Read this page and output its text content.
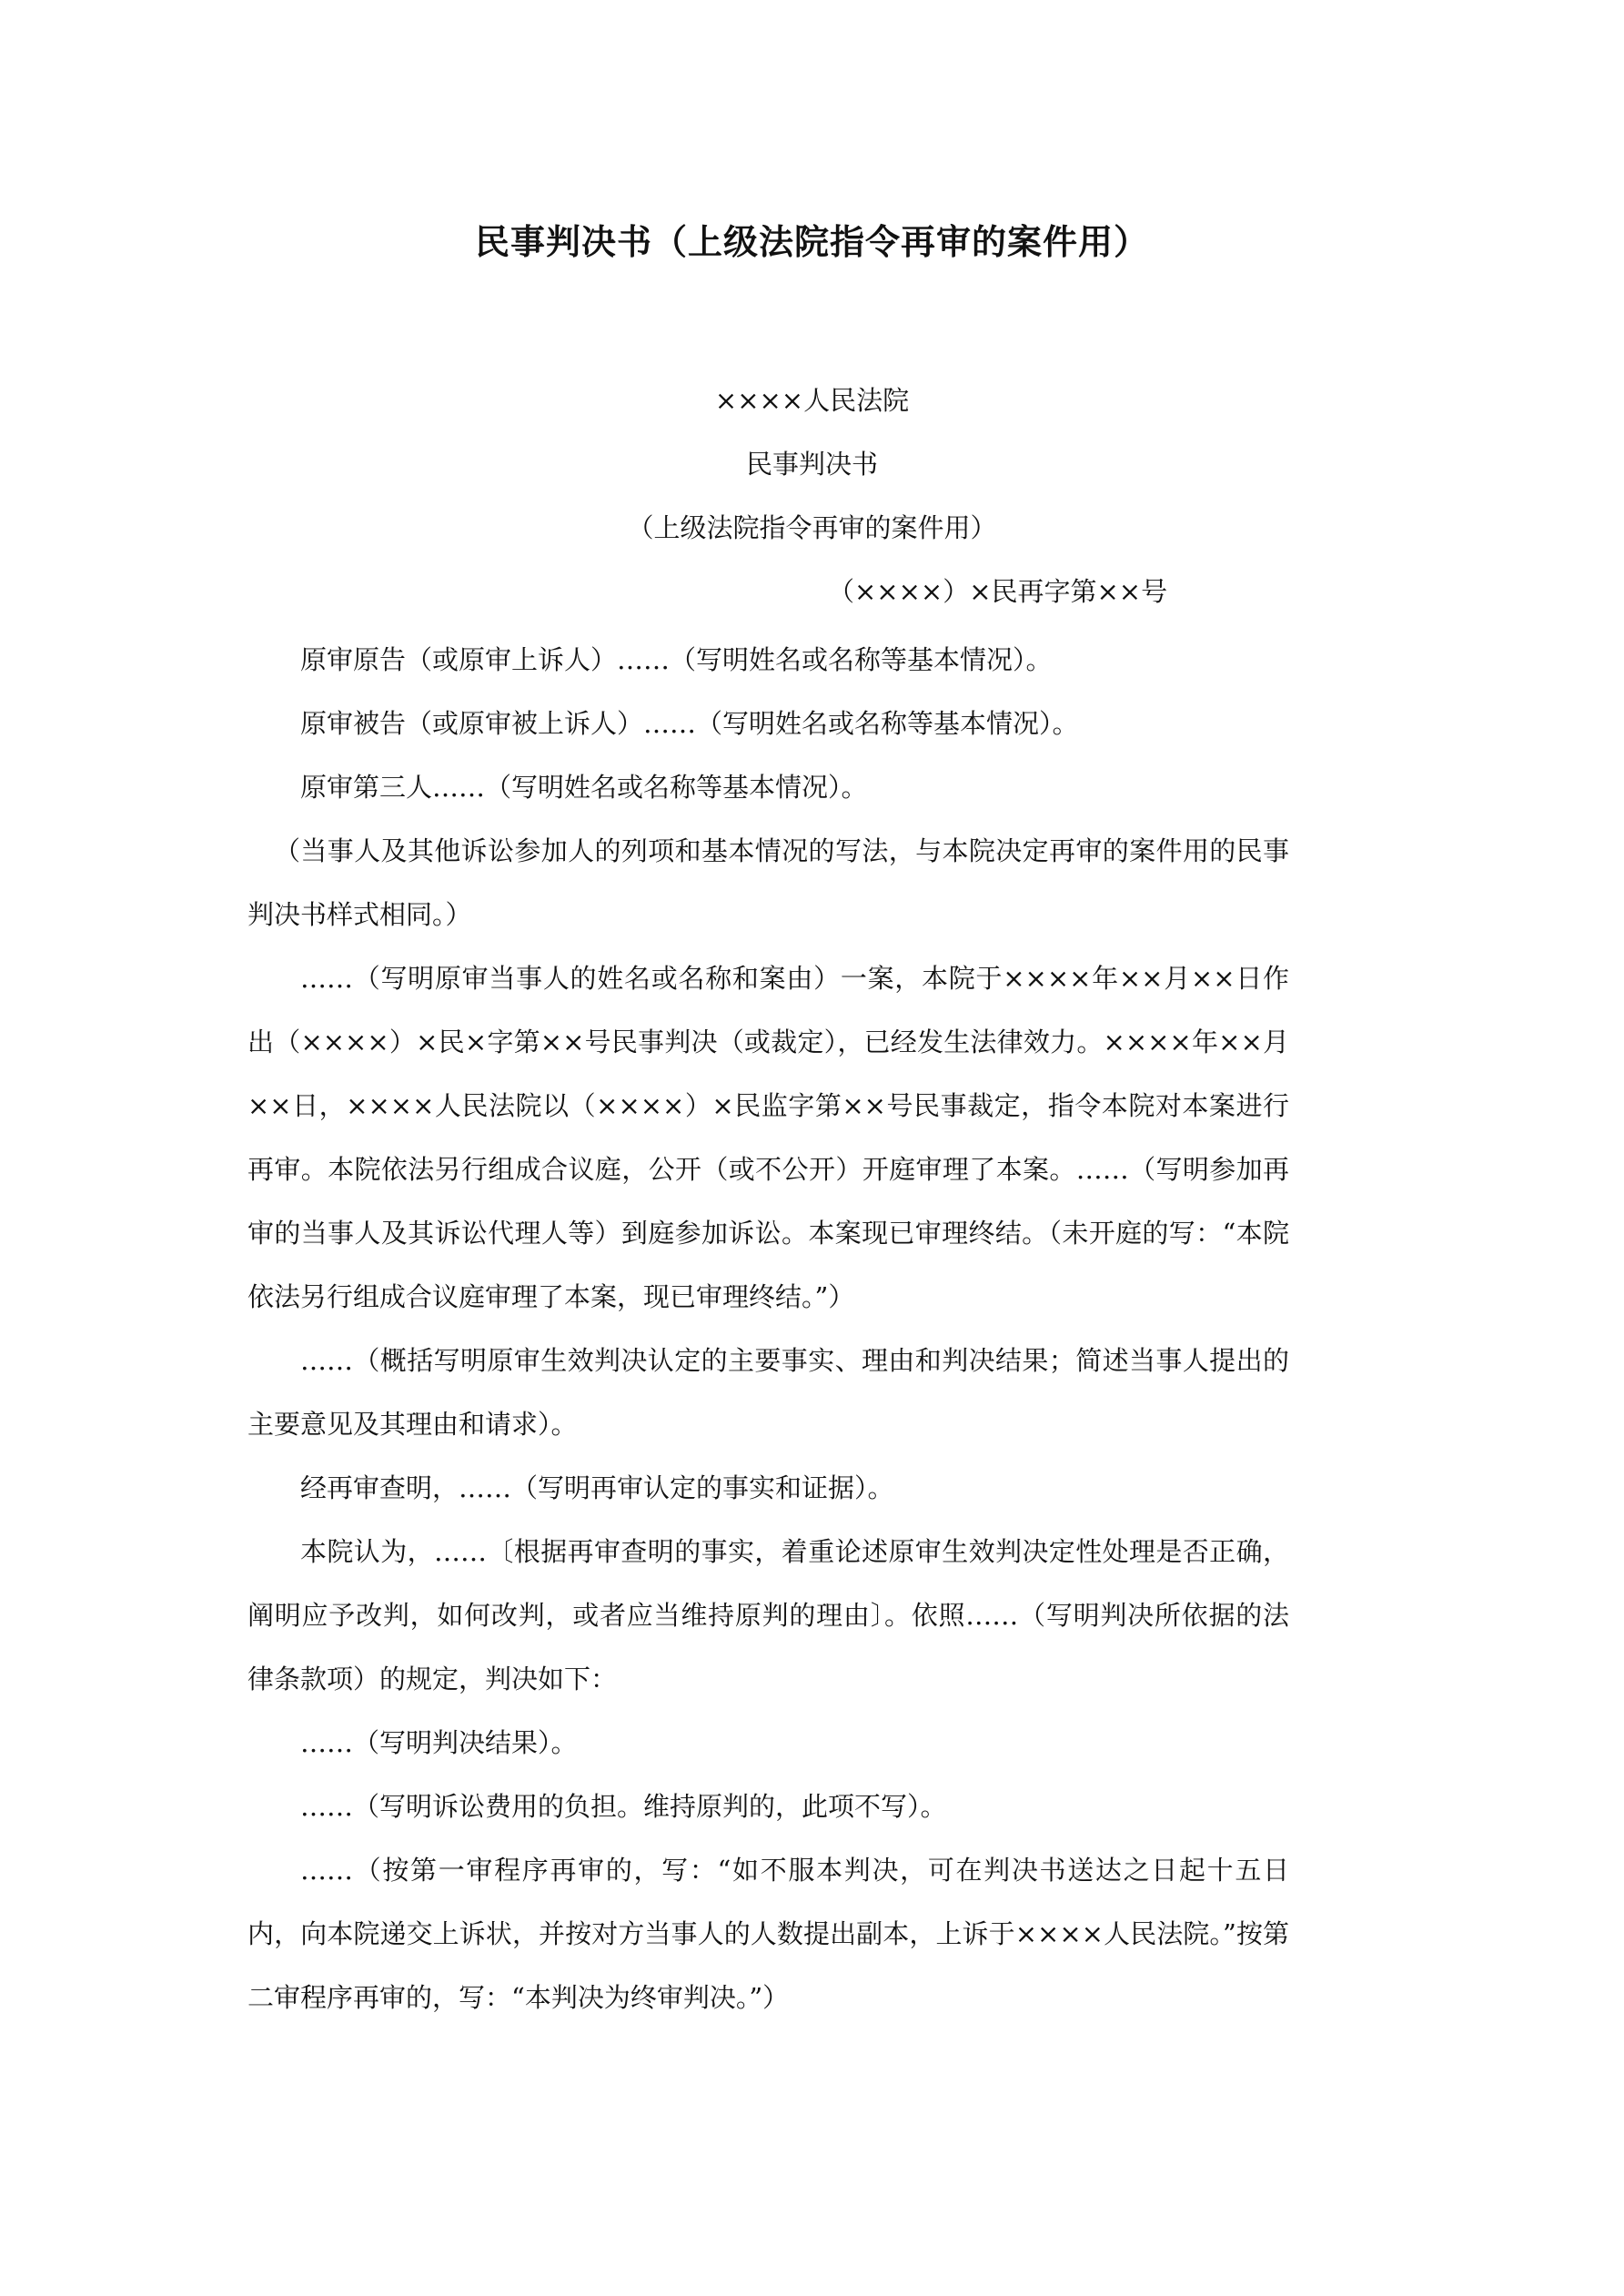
民事判决书（上级法院指令再审的案件用）

××××人民法院

民事判决书

（上级法院指令再审的案件用）

（××××）×民再字第××号

原审原告（或原审上诉人）……（写明姓名或名称等基本情况）。

原审被告（或原审被上诉人）……（写明姓名或名称等基本情况）。

原审第三人……（写明姓名或名称等基本情况）。

（当事人及其他诉讼参加人的列项和基本情况的写法，与本院决定再审的案件用的民事判决书样式相同。）

……（写明原审当事人的姓名或名称和案由）一案，本院于××××年××月××日作出（××××）×民×字第××号民事判决（或裁定），已经发生法律效力。××××年××月××日，××××人民法院以（××××）×民监字第××号民事裁定，指令本院对本案进行再审。本院依法另行组成合议庭，公开（或不公开）开庭审理了本案。……（写明参加再审的当事人及其诉讼代理人等）到庭参加诉讼。本案现已审理终结。（未开庭的写：“本院依法另行组成合议庭审理了本案，现已审理终结。”）

……（概括写明原审生效判决认定的主要事实、理由和判决结果；简述当事人提出的主要意见及其理由和请求）。

经再审查明，……（写明再审认定的事实和证据）。

本院认为，……〔根据再审查明的事实，着重论述原审生效判决定性处理是否正确，阐明应予改判，如何改判，或者应当维持原判的理由〕。依照……（写明判决所依据的法律条款项）的规定，判决如下：

……（写明判决结果）。

……（写明诉讼费用的负担。维持原判的，此项不写）。

……（按第一审程序再审的，写：“如不服本判决，可在判决书送达之日起十五日内，向本院递交上诉状，并按对方当事人的人数提出副本，上诉于××××人民法院。”按第二审程序再审的，写：“本判决为终审判决。”）
